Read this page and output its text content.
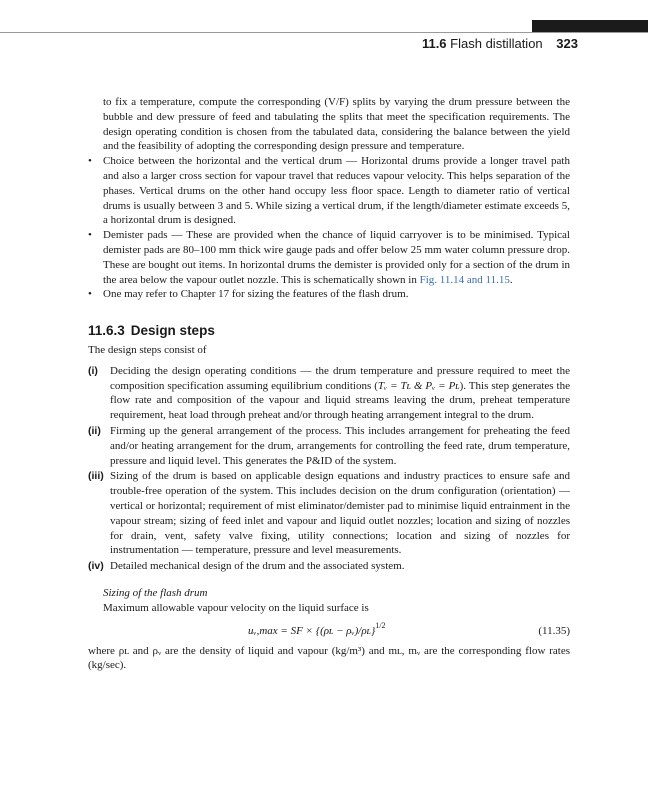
11.6 Flash distillation 323
to fix a temperature, compute the corresponding (V/F) splits by varying the drum pressure between the bubble and dew pressure of feed and tabulating the splits that meet the specification requirements. The design operating condition is chosen from the tabulated data, considering the balance between the yield and the feasibility of adopting the corresponding design pressure and temperature.
• Choice between the horizontal and the vertical drum — Horizontal drums provide a longer travel path and also a larger cross section for vapour travel that reduces vapour velocity. This helps separation of the phases. Vertical drums on the other hand occupy less floor space. Length to diameter ratio of vertical drums is usually between 3 and 5. While sizing a vertical drum, if the length/diameter estimate exceeds 5, a horizontal drum is designed.
• Demister pads — These are provided when the chance of liquid carryover is to be minimised. Typical demister pads are 80–100 mm thick wire gauge pads and offer below 25 mm water column pressure drop. These are bought out items. In horizontal drums the demister is provided only for a section of the drum in the area below the vapour outlet nozzle. This is schematically shown in Fig. 11.14 and 11.15.
• One may refer to Chapter 17 for sizing the features of the flash drum.
11.6.3 Design steps
The design steps consist of
(i) Deciding the design operating conditions — the drum temperature and pressure required to meet the composition specification assuming equilibrium conditions (Tᵥ = Tʟ & Pᵥ = Pʟ). This step generates the flow rate and composition of the vapour and liquid streams leaving the drum, preheat temperature requirement, heat load through preheat and/or through heating arrangement integral to the drum.
(ii) Firming up the general arrangement of the process. This includes arrangement for preheating the feed and/or heating arrangement for the drum, arrangements for controlling the feed rate, drum temperature, pressure and liquid level. This generates the P&ID of the system.
(iii) Sizing of the drum is based on applicable design equations and industry practices to ensure safe and trouble-free operation of the system. This includes decision on the drum configuration (orientation) — vertical or horizontal; requirement of mist eliminator/demister pad to minimise liquid entrainment in the vapour stream; sizing of feed inlet and vapour and liquid outlet nozzles; location and sizing of nozzles for drain, vent, safety valve fixing, utility connections; location and sizing of nozzles for instrumentation — temperature, pressure and level measurements.
(iv) Detailed mechanical design of the drum and the associated system.
Sizing of the flash drum
Maximum allowable vapour velocity on the liquid surface is
uᵥ,max = SF × {(ρʟ − ρᵥ)/ρʟ}$^{1/2}$	(11.35)
where ρʟ and ρᵥ are the density of liquid and vapour (kg/m³) and mʟ, mᵥ are the corresponding flow rates (kg/sec).
